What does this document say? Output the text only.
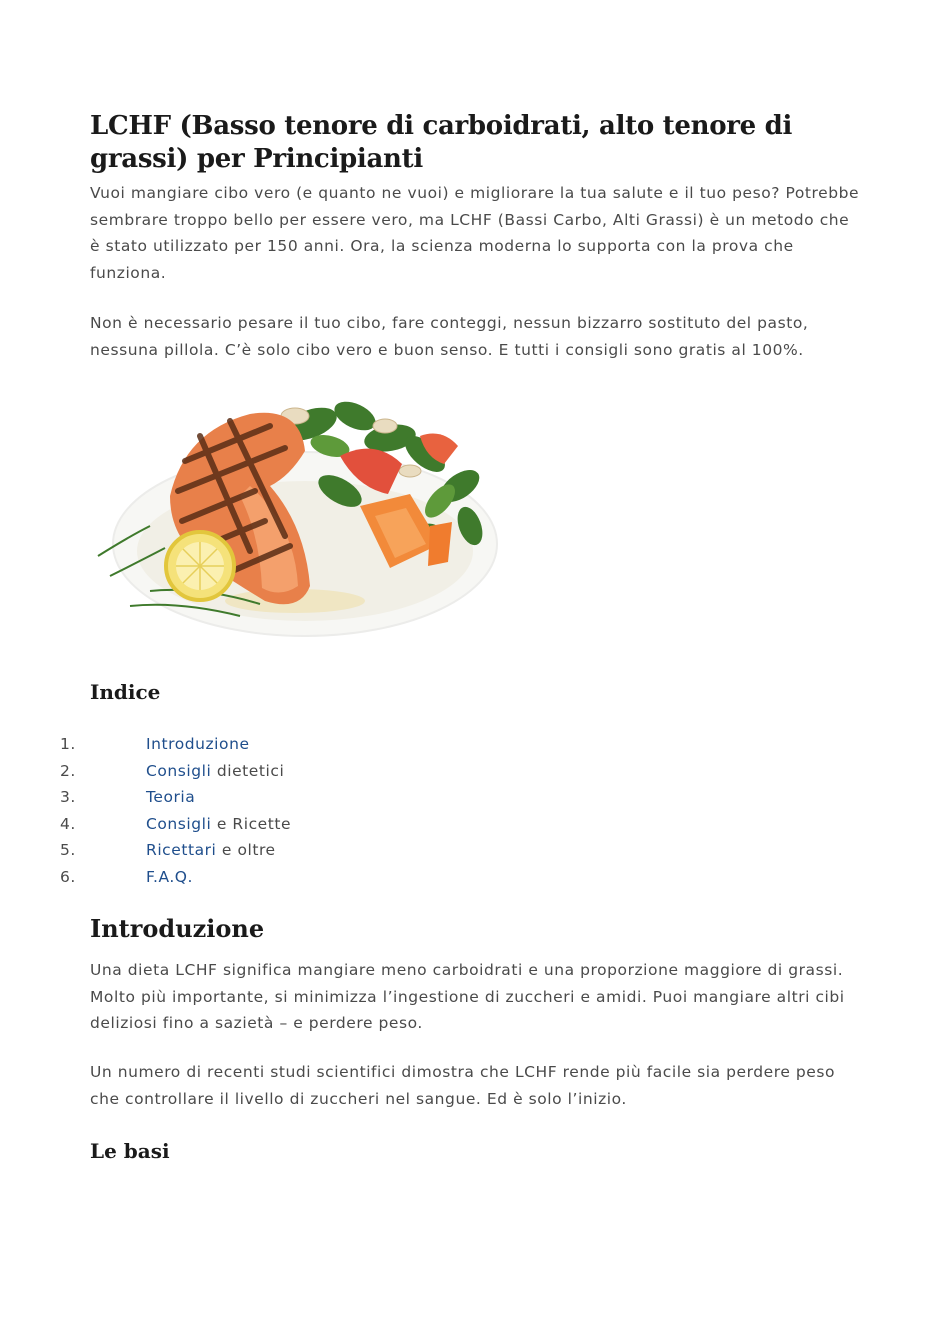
LCHF (Basso tenore di carboidrati, alto tenore di grassi) per Principianti

Vuoi mangiare cibo vero (e quanto ne vuoi) e migliorare la tua salute e il tuo peso? Potrebbe sembrare troppo bello per essere vero, ma LCHF (Bassi Carbo, Alti Grassi) è un metodo che è stato utilizzato per 150 anni. Ora, la scienza moderna lo supporta con la prova che funziona.

Non è necessario pesare il tuo cibo, fare conteggi, nessun bizzarro sostituto del pasto, nessuna pillola. C’è solo cibo vero e buon senso. E tutti i consigli sono gratis al 100%.

Indice
1.	Introduzione
2.	Consigli dietetici
3.	Teoria
4.	Consigli e Ricette
5.	Ricettari e oltre
6.	F.A.Q.
Introduzione

Una dieta LCHF significa mangiare meno carboidrati e una proporzione maggiore di grassi. Molto più importante, si minimizza l’ingestione di zuccheri e amidi. Puoi mangiare altri cibi deliziosi fino a sazietà – e perdere peso.

Un numero di recenti studi scientifici dimostra che LCHF rende più facile sia perdere peso che controllare il livello di zuccheri nel sangue. Ed è solo l’inizio.

Le basi
